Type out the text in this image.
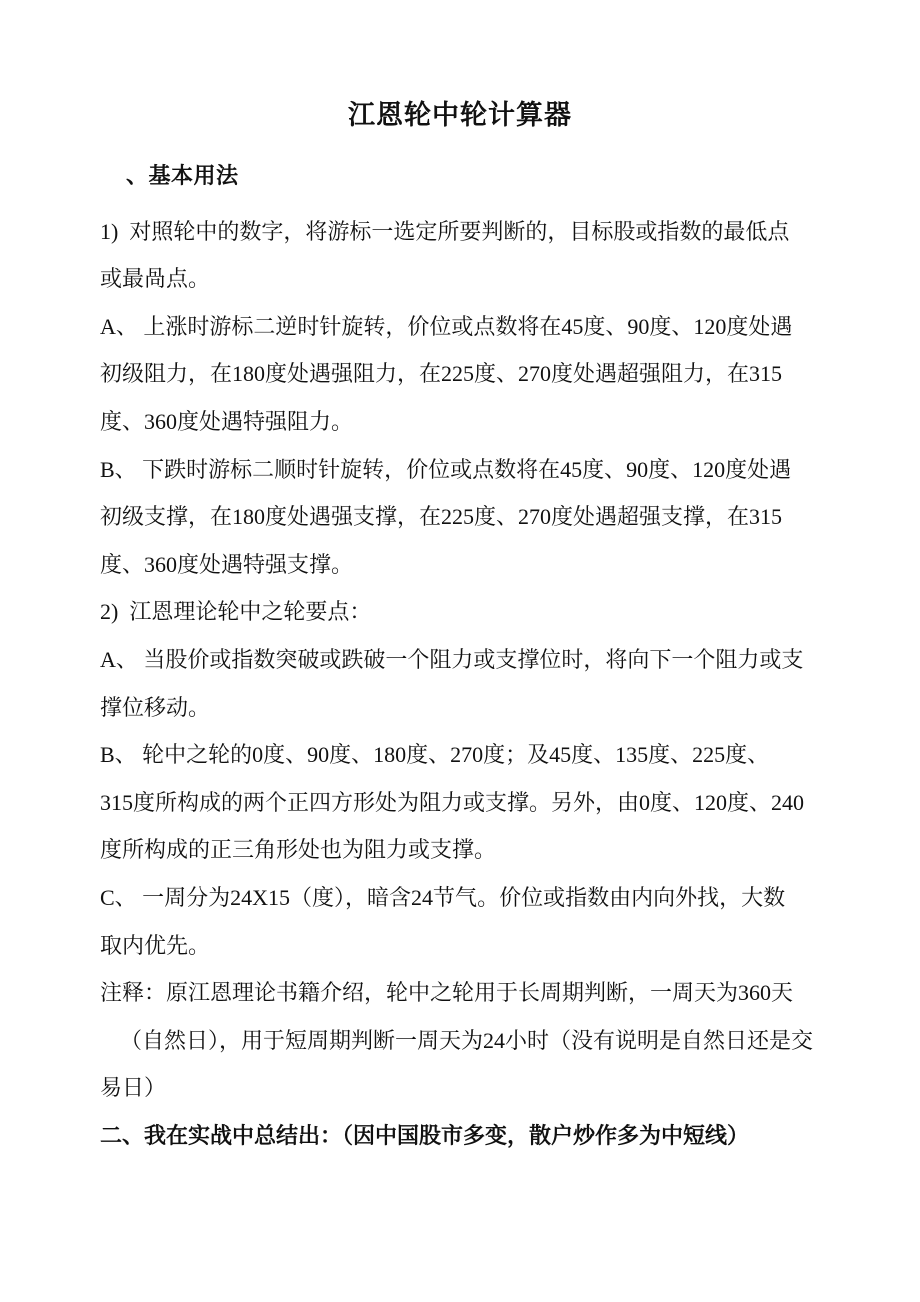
江恩轮中轮计算器
、基本用法
1)  对照轮中的数字，将游标一选定所要判断的，目标股或指数的最低点
或最咼点。
A、 上涨时游标二逆时针旋转，价位或点数将在45度、90度、120度处遇
初级阻力，在180度处遇强阻力，在225度、270度处遇超强阻力，在315
度、360度处遇特强阻力。
B、 下跌时游标二顺时针旋转，价位或点数将在45度、90度、120度处遇
初级支撑，在180度处遇强支撑，在225度、270度处遇超强支撑，在315
度、360度处遇特强支撑。
2)  江恩理论轮中之轮要点：
A、 当股价或指数突破或跌破一个阻力或支撑位时，将向下一个阻力或支
撑位移动。
B、 轮中之轮的0度、90度、180度、270度；及45度、135度、225度、
315度所构成的两个正四方形处为阻力或支撑。另外，由0度、120度、240
度所构成的正三角形处也为阻力或支撑。
C、 一周分为24X15（度），暗含24节气。价位或指数由内向外找，大数
取内优先。
注释：原江恩理论书籍介绍，轮中之轮用于长周期判断，一周天为360天
（自然日），用于短周期判断一周天为24小时（没有说明是自然日还是交
易日）
二、我在实战中总结出：（因中国股市多变，散户炒作多为中短线）
